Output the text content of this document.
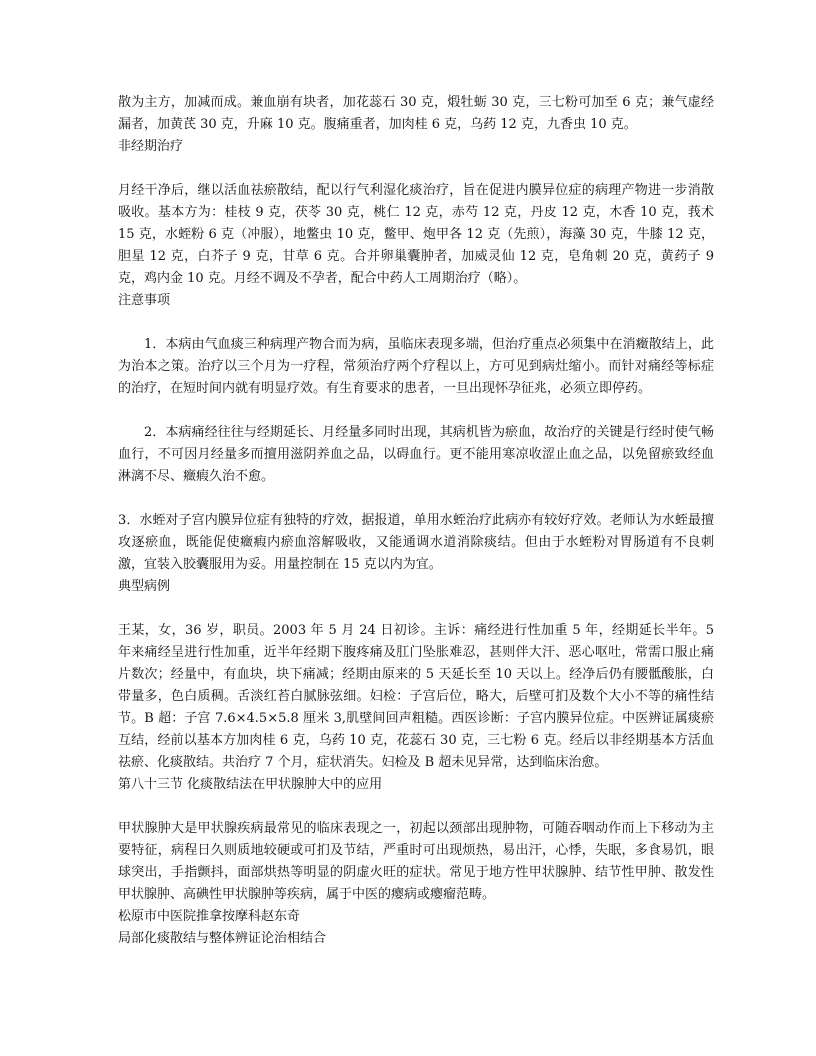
散为主方，加减而成。兼血崩有块者，加花蕊石 30 克，煅牡蛎 30 克，三七粉可加至 6 克；兼气虚经漏者，加黄芪 30 克，升麻 10 克。腹痛重者，加肉桂 6 克，乌药 12 克，九香虫 10 克。

非经期治疗

月经干净后，继以活血祛瘀散结，配以行气利湿化痰治疗，旨在促进内膜异位症的病理产物进一步消散吸收。基本方为：桂枝 9 克，茯苓 30 克，桃仁 12 克，赤芍 12 克，丹皮 12 克，木香 10 克，莪术 15 克，水蛭粉 6 克（冲服），地鳖虫 10 克，鳖甲、炮甲各 12 克（先煎），海藻 30 克，牛膝 12 克，胆星 12 克，白芥子 9 克，甘草 6 克。合并卵巢囊肿者，加威灵仙 12 克，皂角刺 20 克，黄药子 9 克，鸡内金 10 克。月经不调及不孕者，配合中药人工周期治疗（略）。

注意事项

1．本病由气血痰三种病理产物合而为病，虽临床表现多端，但治疗重点必须集中在消癥散结上，此为治本之策。治疗以三个月为一疗程，常须治疗两个疗程以上，方可见到病灶缩小。而针对痛经等标症的治疗，在短时间内就有明显疗效。有生育要求的患者，一旦出现怀孕征兆，必须立即停药。

2．本病痛经往往与经期延长、月经量多同时出现，其病机皆为瘀血，故治疗的关键是行经时使气畅血行，不可因月经量多而擅用滋阴养血之品，以碍血行。更不能用寒凉收涩止血之品，以免留瘀致经血淋漓不尽、癥瘕久治不愈。

3．水蛭对子宫内膜异位症有独特的疗效，据报道，单用水蛭治疗此病亦有较好疗效。老师认为水蛭最擅攻逐瘀血，既能促使癥瘕内瘀血溶解吸收，又能通调水道消除痰结。但由于水蛭粉对胃肠道有不良刺激，宜装入胶囊服用为妥。用量控制在 15 克以内为宜。

典型病例

王某，女，36 岁，职员。2003 年 5 月 24 日初诊。主诉：痛经进行性加重 5 年，经期延长半年。5 年来痛经呈进行性加重，近半年经期下腹疼痛及肛门坠胀难忍，甚则伴大汗、恶心呕吐，常需口服止痛片数次；经量中，有血块，块下痛减；经期由原来的 5 天延长至 10 天以上。经净后仍有腰骶酸胀，白带量多，色白质稠。舌淡红苔白腻脉弦细。妇检：子宫后位，略大，后壁可扪及数个大小不等的痛性结节。B 超：子宫 7.6×4.5×5.8 厘米 3,肌壁间回声粗糙。西医诊断：子宫内膜异位症。中医辨证属痰瘀互结，经前以基本方加肉桂 6 克，乌药 10 克，花蕊石 30 克，三七粉 6 克。经后以非经期基本方活血祛瘀、化痰散结。共治疗 7 个月，症状消失。妇检及 B 超未见异常，达到临床治愈。

第八十三节 化痰散结法在甲状腺肿大中的应用

甲状腺肿大是甲状腺疾病最常见的临床表现之一，初起以颈部出现肿物，可随吞咽动作而上下移动为主要特征，病程日久则质地较硬或可扪及节结，严重时可出现烦热，易出汗，心悸，失眠，多食易饥，眼球突出，手指颤抖，面部烘热等明显的阴虚火旺的症状。常见于地方性甲状腺肿、结节性甲肿、散发性甲状腺肿、高碘性甲状腺肿等疾病，属于中医的瘿病或瘿瘤范畴。

松原市中医院推拿按摩科赵东奇

局部化痰散结与整体辨证论治相结合
